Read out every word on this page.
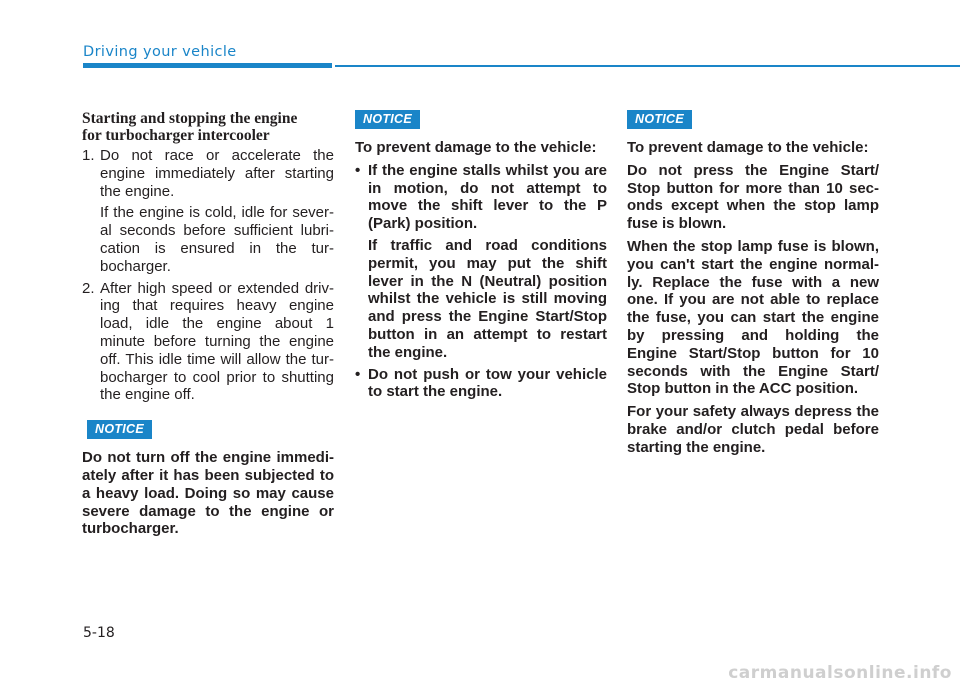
Driving your vehicle
Starting and stopping the engine
for turbocharger intercooler
1. Do not race or accelerate the engine immediately after starting the engine.

If the engine is cold, idle for sever-al seconds before sufficient lubri-cation is ensured in the tur-bocharger.

2. After high speed or extended driv-ing that requires heavy engine load, idle the engine about 1 minute before turning the engine off. This idle time will allow the tur-bocharger to cool prior to shutting the engine off.

NOTICE

Do not turn off the engine immedi-ately after it has been subjected to a heavy load. Doing so may cause severe damage to the engine or turbocharger.

NOTICE

To prevent damage to the vehicle:

• If the engine stalls whilst you are in motion, do not attempt to move the shift lever to the P (Park) position.

If traffic and road conditions permit, you may put the shift lever in the N (Neutral) position whilst the vehicle is still moving and press the Engine Start/Stop button in an attempt to restart the engine.

• Do not push or tow your vehicle to start the engine.

NOTICE

To prevent damage to the vehicle:

Do not press the Engine Start/ Stop button for more than 10 sec-onds except when the stop lamp fuse is blown.

When the stop lamp fuse is blown, you can't start the engine normal-ly. Replace the fuse with a new one. If you are not able to replace the fuse, you can start the engine by pressing and holding the Engine Start/Stop button for 10 seconds with the Engine Start/ Stop button in the ACC position.

For your safety always depress the brake and/or clutch pedal before starting the engine.

5-18

carmanualsonline.info
